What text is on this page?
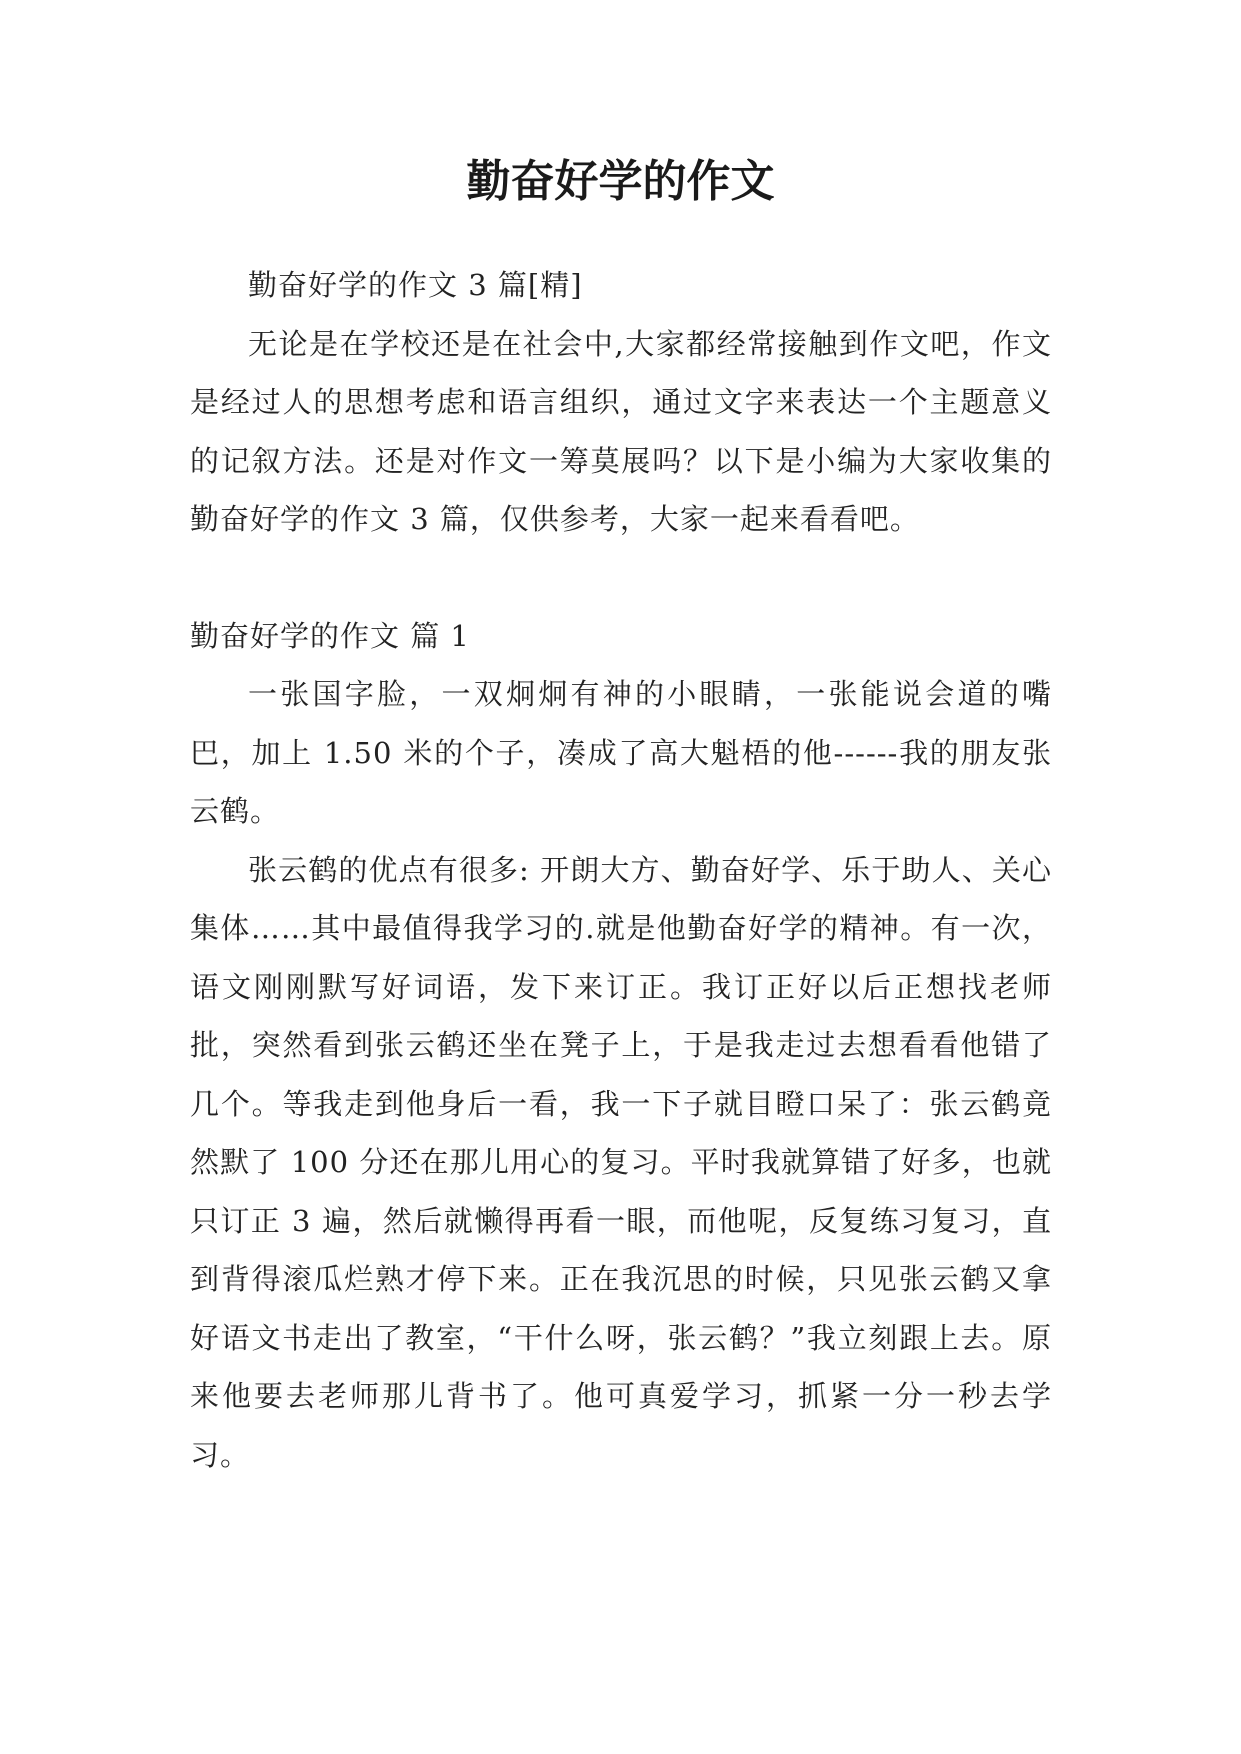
勤奋好学的作文

勤奋好学的作文 3 篇[精]

无论是在学校还是在社会中,大家都经常接触到作文吧，作文是经过人的思想考虑和语言组织，通过文字来表达一个主题意义的记叙方法。还是对作文一筹莫展吗？以下是小编为大家收集的勤奋好学的作文 3 篇，仅供参考，大家一起来看看吧。

勤奋好学的作文 篇 1

一张国字脸，一双炯炯有神的小眼睛，一张能说会道的嘴巴，加上 1.50 米的个子，凑成了高大魁梧的他------我的朋友张云鹤。

张云鹤的优点有很多: 开朗大方、勤奋好学、乐于助人、关心集体……其中最值得我学习的.就是他勤奋好学的精神。有一次，语文刚刚默写好词语，发下来订正。我订正好以后正想找老师批，突然看到张云鹤还坐在凳子上，于是我走过去想看看他错了几个。等我走到他身后一看，我一下子就目瞪口呆了：张云鹤竟然默了 100 分还在那儿用心的复习。平时我就算错了好多，也就只订正 3 遍，然后就懒得再看一眼，而他呢，反复练习复习，直到背得滚瓜烂熟才停下来。正在我沉思的时候，只见张云鹤又拿好语文书走出了教室，“干什么呀，张云鹤？”我立刻跟上去。原来他要去老师那儿背书了。他可真爱学习，抓紧一分一秒去学习。
